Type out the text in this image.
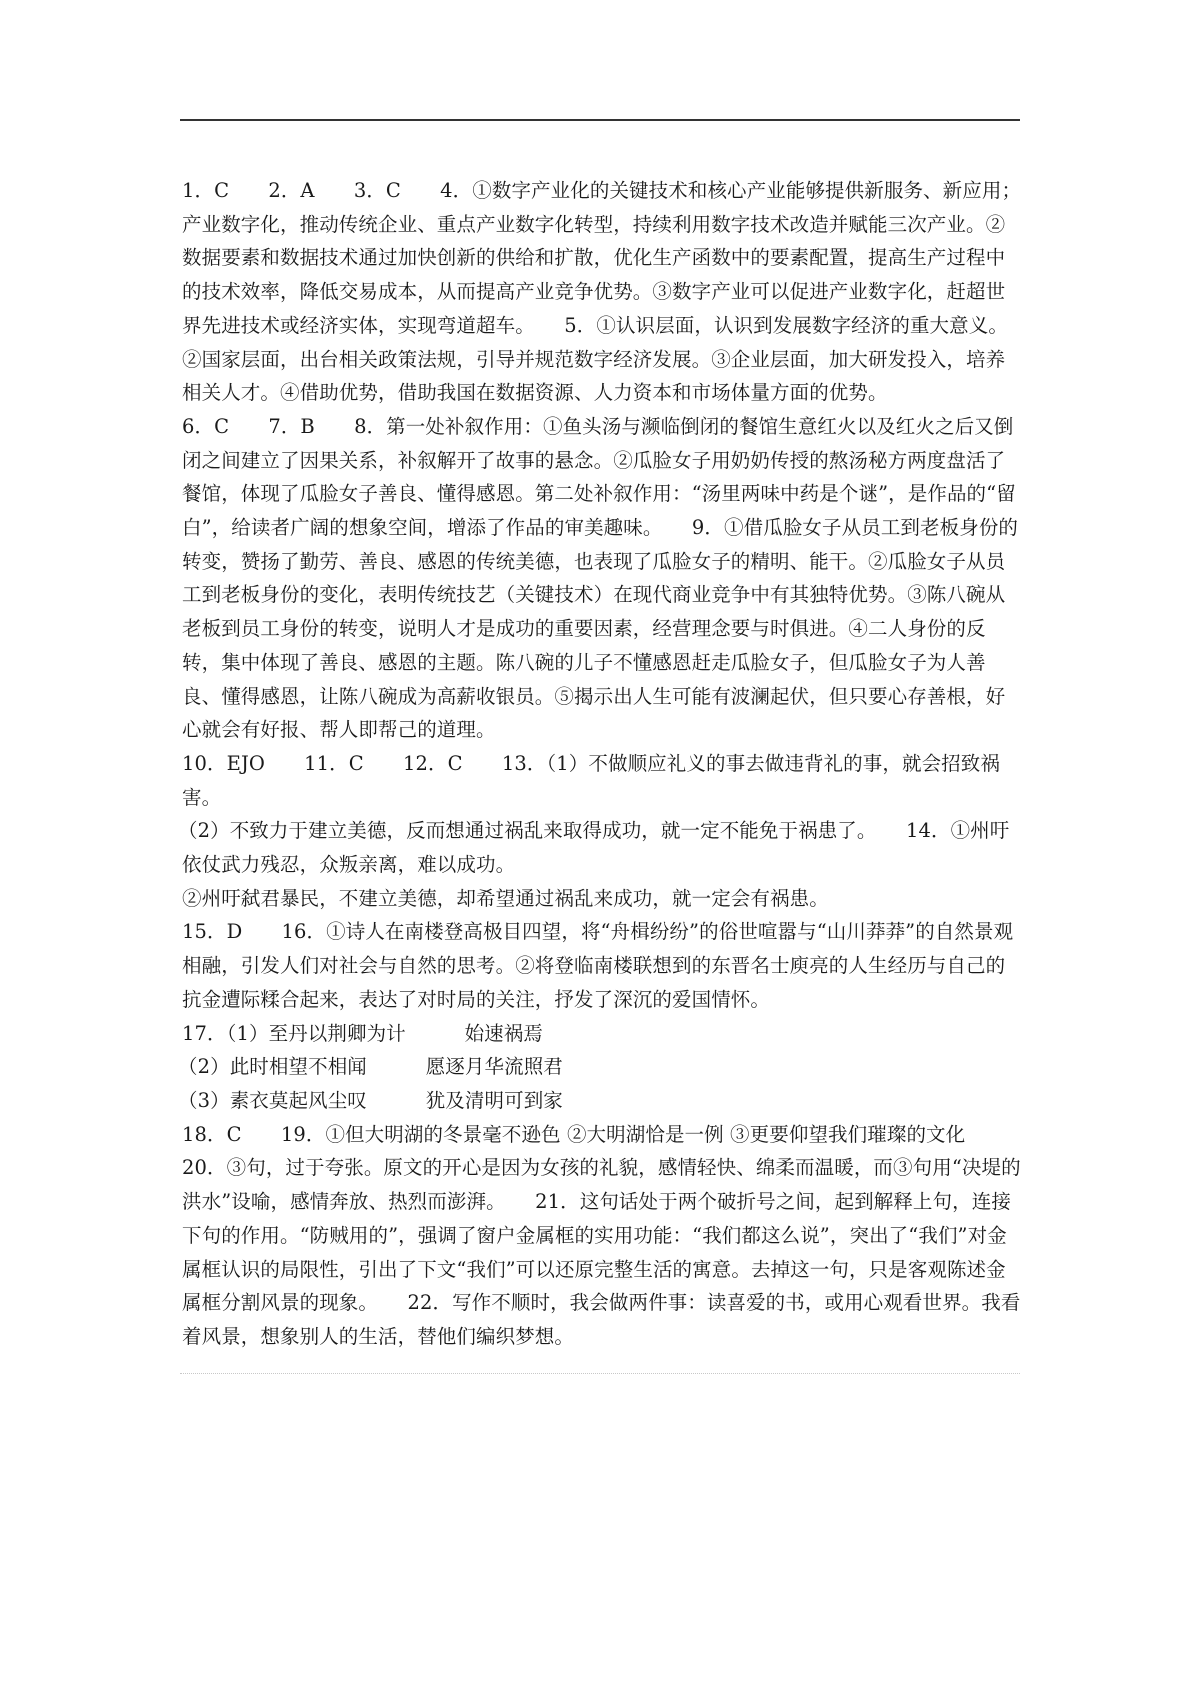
1．C　　2．A　　3．C　　4．①数字产业化的关键技术和核心产业能够提供新服务、新应用；产业数字化，推动传统企业、重点产业数字化转型，持续利用数字技术改造并赋能三次产业。②数据要素和数据技术通过加快创新的供给和扩散，优化生产函数中的要素配置，提高生产过程中的技术效率，降低交易成本，从而提高产业竞争优势。③数字产业可以促进产业数字化，赶超世界先进技术或经济实体，实现弯道超车。　　5．①认识层面，认识到发展数字经济的重大意义。②国家层面，出台相关政策法规，引导并规范数字经济发展。③企业层面，加大研发投入，培养相关人才。④借助优势，借助我国在数据资源、人力资本和市场体量方面的优势。

6．C　　7．B　　8．第一处补叙作用：①鱼头汤与濒临倒闭的餐馆生意红火以及红火之后又倒闭之间建立了因果关系，补叙解开了故事的悬念。②瓜脸女子用奶奶传授的熬汤秘方两度盘活了餐馆，体现了瓜脸女子善良、懂得感恩。第二处补叙作用：“汤里两味中药是个谜”，是作品的“留白”，给读者广阔的想象空间，增添了作品的审美趣味。　　9．①借瓜脸女子从员工到老板身份的转变，赞扬了勤劳、善良、感恩的传统美德，也表现了瓜脸女子的精明、能干。②瓜脸女子从员工到老板身份的变化，表明传统技艺（关键技术）在现代商业竞争中有其独特优势。③陈八碗从老板到员工身份的转变，说明人才是成功的重要因素，经营理念要与时俱进。④二人身份的反转，集中体现了善良、感恩的主题。陈八碗的儿子不懂感恩赶走瓜脸女子，但瓜脸女子为人善良、懂得感恩，让陈八碗成为高薪收银员。⑤揭示出人生可能有波澜起伏，但只要心存善根，好心就会有好报、帮人即帮己的道理。

10．EJO　　11．C　　12．C　　13．（1）不做顺应礼义的事去做违背礼的事，就会招致祸害。

（2）不致力于建立美德，反而想通过祸乱来取得成功，就一定不能免于祸患了。　　14．①州吁依仗武力残忍，众叛亲离，难以成功。

②州吁弑君暴民，不建立美德，却希望通过祸乱来成功，就一定会有祸患。

15．D　　16．①诗人在南楼登高极目四望，将“舟楫纷纷”的俗世喧嚣与“山川莽莽”的自然景观相融，引发人们对社会与自然的思考。②将登临南楼联想到的东晋名士庾亮的人生经历与自己的抗金遭际糅合起来，表达了对时局的关注，抒发了深沉的爱国情怀。

17．（1）至丹以荆卿为计　　　始速祸焉

（2）此时相望不相闻　　　愿逐月华流照君

（3）素衣莫起风尘叹　　　犹及清明可到家

18．C　　19．①但大明湖的冬景毫不逊色 ②大明湖恰是一例 ③更要仰望我们璀璨的文化

20．③句，过于夸张。原文的开心是因为女孩的礼貌，感情轻快、绵柔而温暖，而③句用“决堤的洪水”设喻，感情奔放、热烈而澎湃。　　21．这句话处于两个破折号之间，起到解释上句，连接下句的作用。“防贼用的”，强调了窗户金属框的实用功能：“我们都这么说”，突出了“我们”对金属框认识的局限性，引出了下文“我们”可以还原完整生活的寓意。去掉这一句，只是客观陈述金属框分割风景的现象。　　22．写作不顺时，我会做两件事：读喜爱的书，或用心观看世界。我看着风景，想象别人的生活，替他们编织梦想。
